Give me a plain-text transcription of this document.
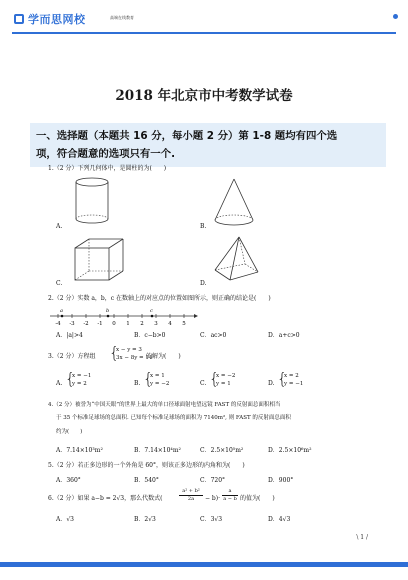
学而思网校	高端在线教育
2018 年北京市中考数学试卷
一、选择题（本题共 16 分，每小题 2 分）第 1-8 题均有四个选
项，符合题意的选项只有一个.
1.（2 分）下列几何体中，是圆柱的为(　　)
A.	B.
C.	D.
2.（2 分）实数 a，b，c 在数轴上的对应点的位置如图所示，则正确的结论是(　　)
a	b	c
-4 -3 -2 -1 0 1 2 3 4 5
A．|a|>4	B．c−b>0	C．ac>0	D．a+c>0
3.（2 分）方程组 {
x − y = 3
3x − 8y = 14
的解为(　　)
A. {
x = −1
y = 2	B. {
x = 1
y = −2	C. {
x = −2
y = 1	D. {
x = 2
y = −1
4.（2 分）被誉为“中国天眼”的世界上最大的单口径球面射电望远镜 FAST 的反射面总面积相当
于 35 个标准足球场的总面积. 已知每个标准足球场的面积为 7140m², 则 FAST 的反射面总面积
约为(　　)
A．7.14×10³m²	B．7.14×10⁴m²	C．2.5×10⁵m²	D．2.5×10⁶m²
5.（2 分）若正多边形的一个外角是 60°，则该正多边形的内角和为(　　)
A．360°	B．540°	C．720°	D．900°
6.（2 分）如果 a−b = 2√3，那么代数式(	$\frac{\text{a² + b²}}{2a} - b)\cdot \frac{a}{a - b}$ 的值为(　　)
A．√3	B．2√3	C．3√3	D．4√3
\ 1 /
